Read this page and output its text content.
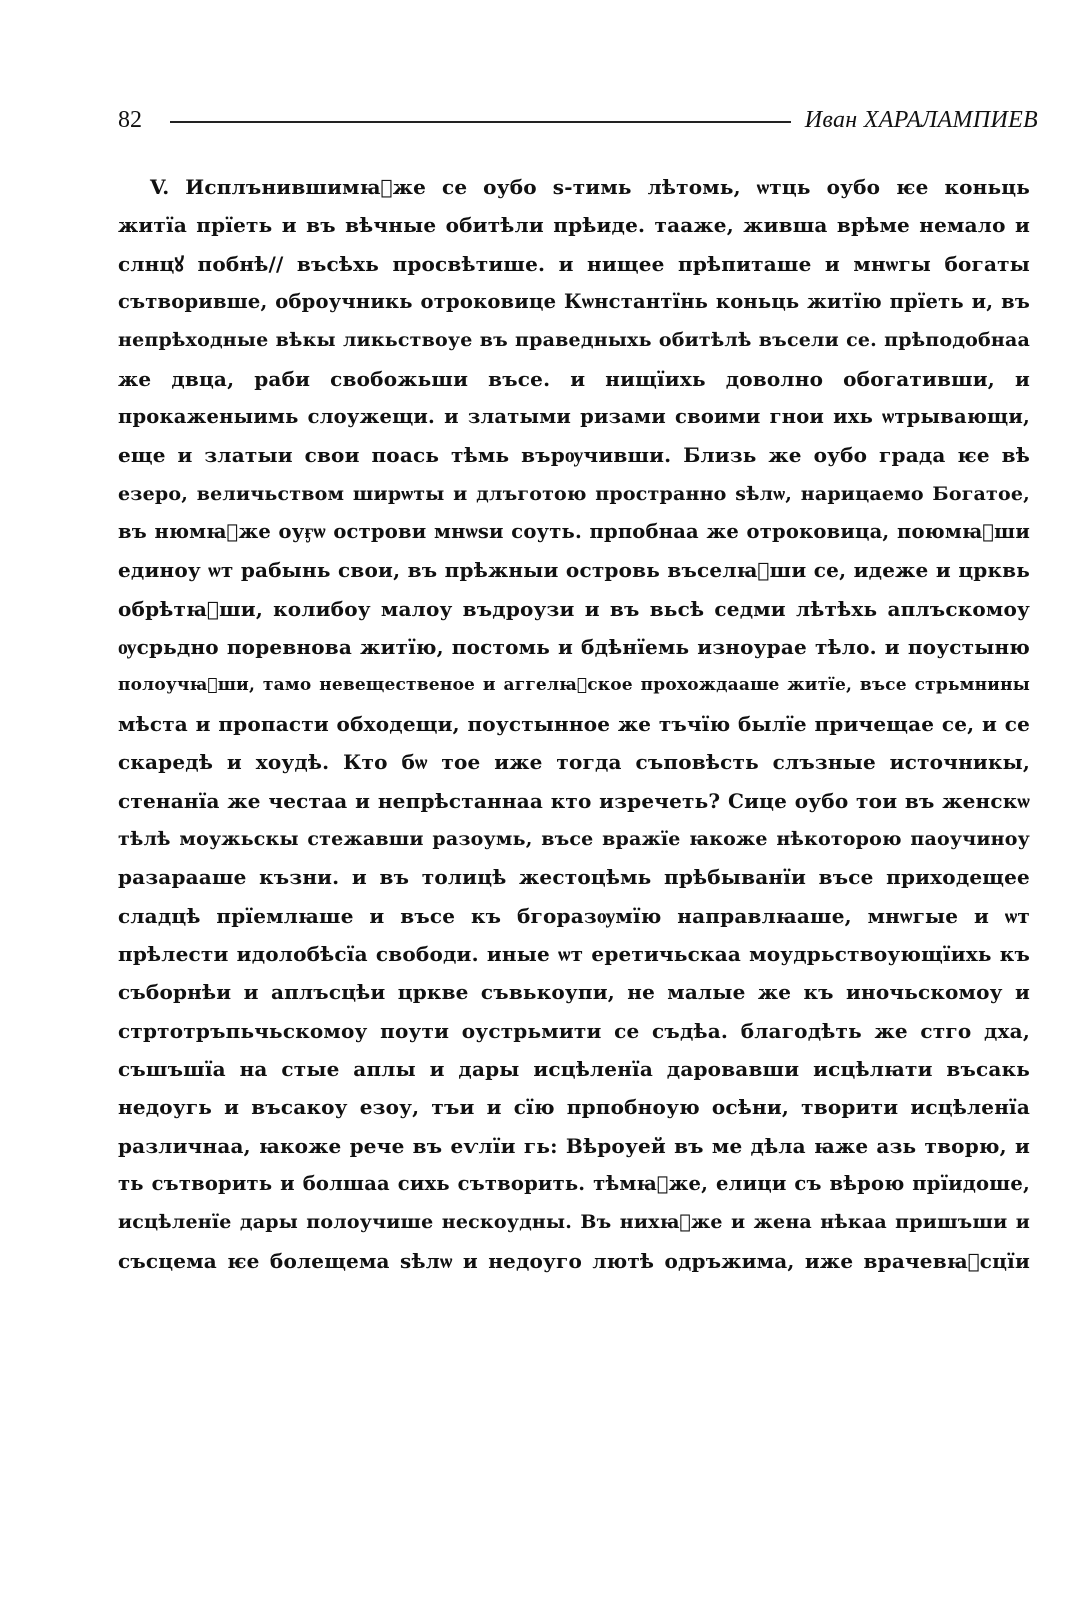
82	Иван ХАРАЛАМПИЕВ
V. Исплънившимꙗ҆же се оубо ѕ-тимь лѣтомь, ѡтць оубо ѥе коньць
житїа прїеть и въ вѣчные обитѣли прѣиде. тааже, живша врѣме немало и
слнцꙋ побнѣ// въсѣхь просвѣтише. и нищее прѣпиташе и мнѡгы богаты
сътворивше, оброучникь отроковице Кѡнстантїнь коньць житїю прїеть и, въ
непрѣходные вѣкы ликьствоуе въ праведныхь обитѣлѣ въсели се. прѣподобнаа
же двца, раби свобожьши въсе. и нищїихь доволно обогативши, и
прокаженыимь слоужещи. и златыми ризами своими гнои ихь ѡтрывающи,
еще и златыи свои поась тѣмь върѹчивши. Близь же оубо града ѥе вѣ
езеро, величьством ширѡты и длъготою пространно ѕѣлѡ, нарицаемо Богатое,
въ нюмꙗ҆же оуӻѡ острови мнѡѕи соуть. прпобнаа же отроковица, поюмꙗ҆ши
единоу ѡт рабынь свои, въ прѣжныи островь въселꙗ҆ши се, идеже и црквь
обрѣтꙗ҆ши, колибоу малоу въдроузи и въ вьсѣ седми лѣтѣхь аплъскомоу
ѹсрьдно поревнова житїю, постомь и бдѣнїемь изноураe тѣло. и поустыню
полоучꙗ҆ши, тамо невещественое и аггелꙗ҆ское прохождааше житїе, въсе стрьмнины
мѣста и пропасти обходещи, поустынное же тъчїю былїе причещае се, и се
скаредѣ и хоудѣ. Кто бѡ тое иже тогда съповѣсть слъзные источникы,
стенанїа же честаа и непрѣстаннаа кто изречеть? Сице оубо тои въ женскѡ
тѣлѣ моужьскы стежавши разоумь, въсе вражїе ꙗкоже нѣкоторою паоучиноу
разарааше къзни. и въ толицѣ жестоцѣмь прѣбыванїи въсе приходещее
сладцѣ прїемлꙗше и въсе къ бгоразѹмїю направлꙗаше, мнѡгые и ѡт
прѣлести идолобѣсїа свободи. иные ѡт еретичьскаа моудрьствоующїихь къ
съборнѣи и аплъсцѣи цркве съвькоупи, не малые же къ иночьскомоу и
стртотръпьчьскомоу поути оустрьмити се съдѣа. благодѣть же стго дха,
съшъшїа на стые аплы и дары исцѣленїа даровавши исцѣлꙗти въсакь
недоугь и въсакоу езоу, тъи и сїю прпобноую осѣни, творити исцѣленїа
различнаа, ꙗкоже рече въ еѵлїи гь: Вѣроуей въ ме дѣла ꙗже азь творю, и
ть сътворить и болшаа сихь сътворить. тѣмꙗ҆же, елици съ вѣрою прїидоше,
исцѣленїе дары полоучише нескоудны. Въ нихꙗ҆же и жена нѣкаа пришъши и
съсцема ѥе болещема ѕѣлѡ и недоуго лютѣ одръжима, иже врачевꙗ҆сцїи
